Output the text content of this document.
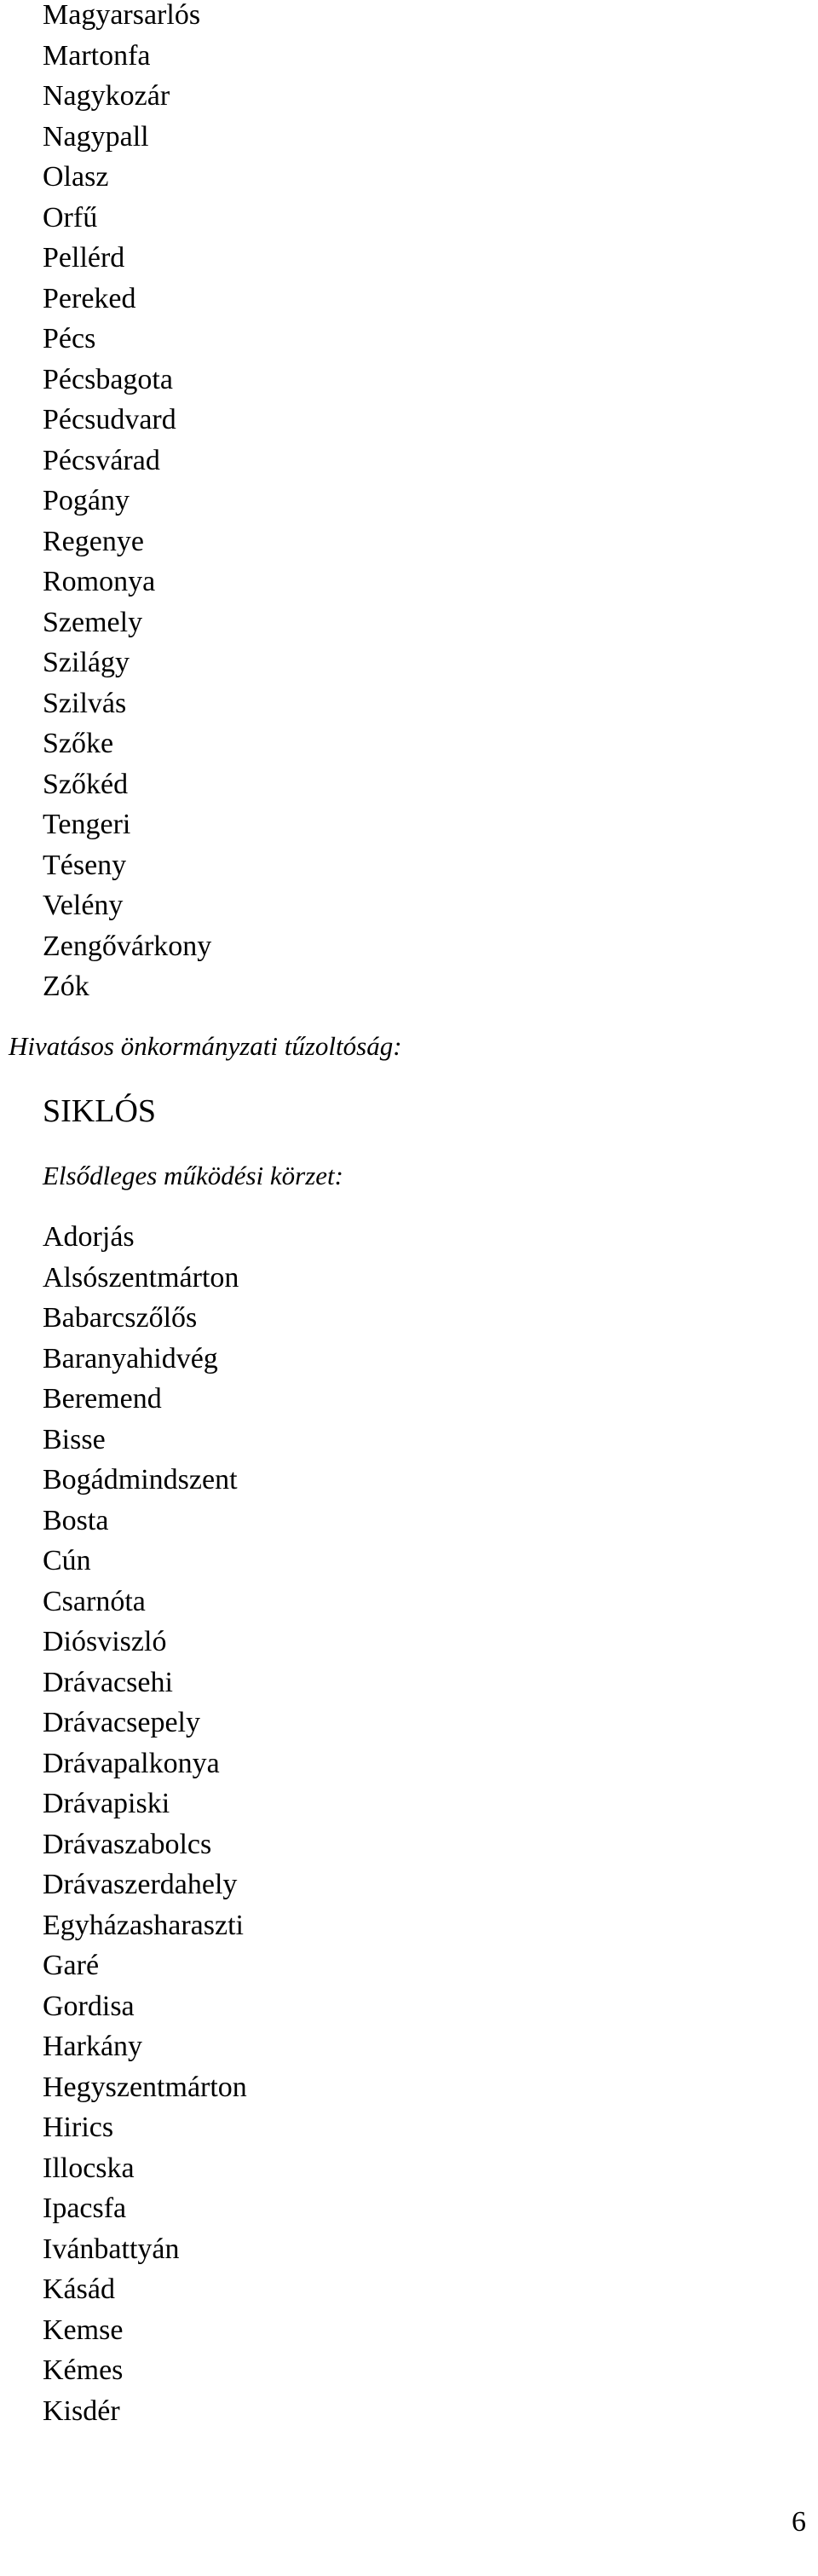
Magyarsarlós
Martonfa
Nagykozár
Nagypall
Olasz
Orfű
Pellérd
Pereked
Pécs
Pécsbagota
Pécsudvard
Pécsvárad
Pogány
Regenye
Romonya
Szemely
Szilágy
Szilvás
Szőke
Szőkéd
Tengeri
Téseny
Velény
Zengővárkony
Zók
Hivatásos önkormányzati tűzoltóság:
SIKLÓS
Elsődleges működési körzet:
Adorjás
Alsószentmárton
Babarcszőlős
Baranyahidvég
Beremend
Bisse
Bogádmindszent
Bosta
Cún
Csarnóta
Diósviszló
Drávacsehi
Drávacsepely
Drávapalkonya
Drávapiski
Drávaszabolcs
Drávaszerdahely
Egyházasharaszti
Garé
Gordisa
Harkány
Hegyszentmárton
Hirics
Illocska
Ipacsfa
Ivánbattyán
Kásád
Kemse
Kémes
Kisdér
6
